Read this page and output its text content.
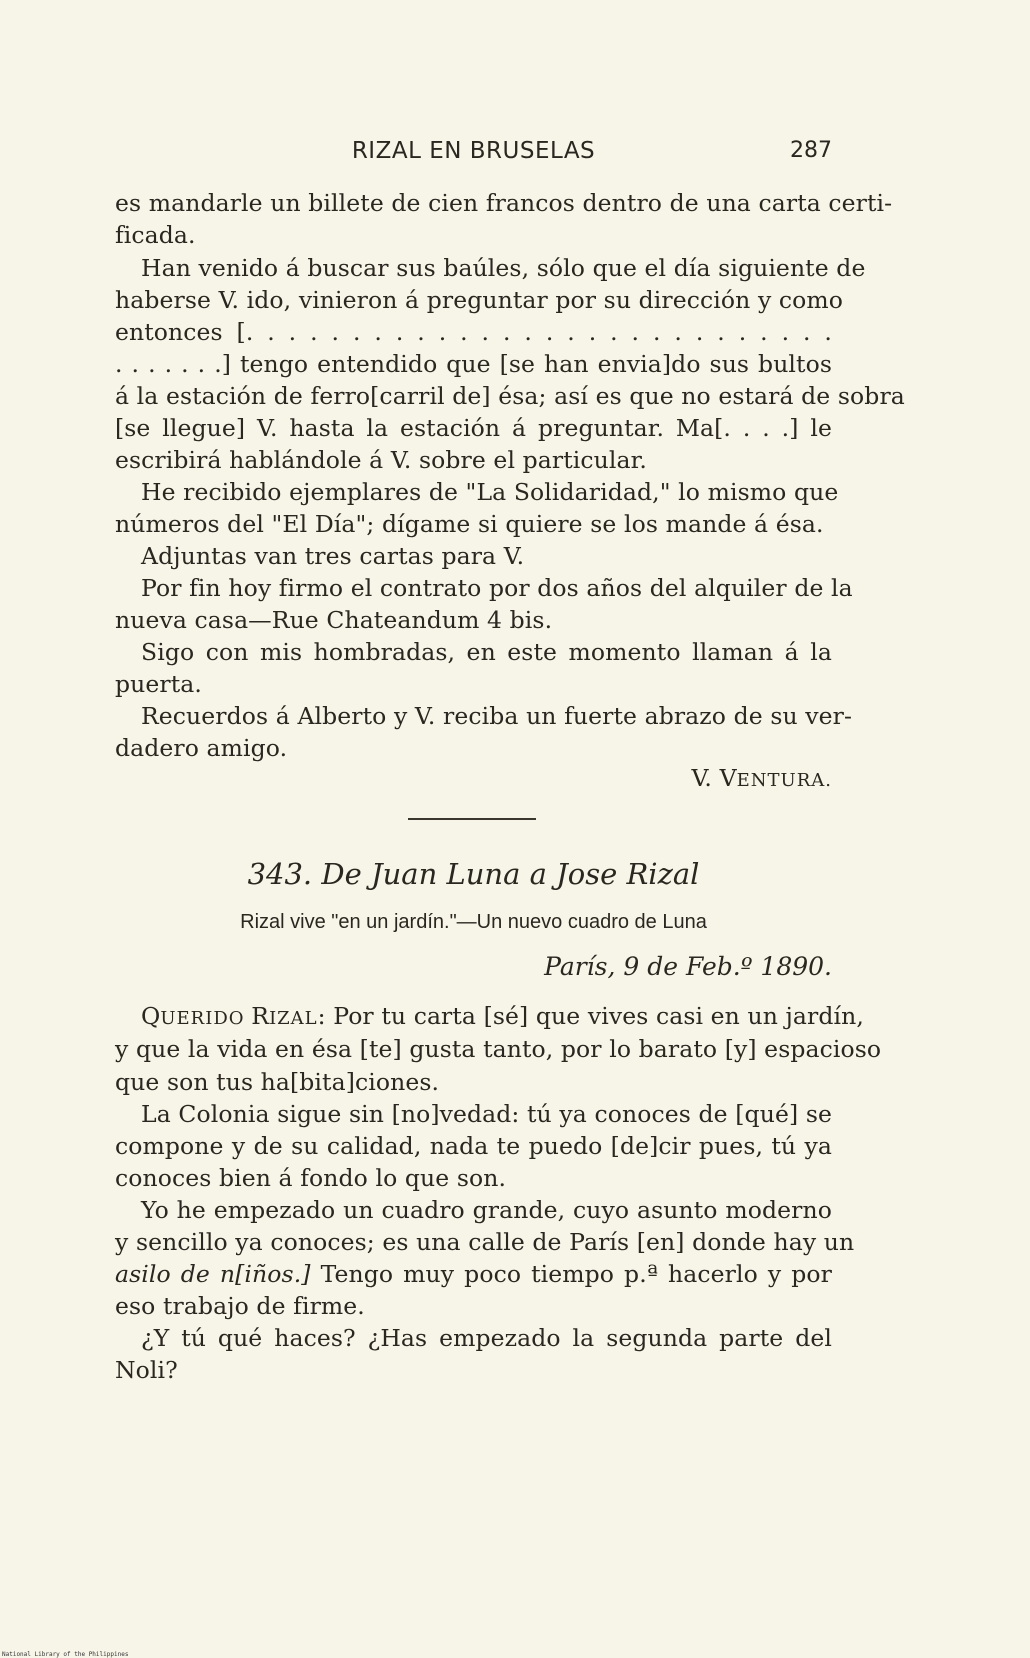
RIZAL EN BRUSELAS	287
es mandarle un billete de cien francos dentro de una carta certi-
ficada.
Han venido á buscar sus baúles, sólo que el día siguiente de
haberse V. ido, vinieron á preguntar por su dirección y como
entonces [. . . . . . . . . . . . . . . . . . . . . . . . . . . .
. . . . . . .] tengo entendido que [se han envia]do sus bultos
á la estación de ferro[carril de] ésa; así es que no estará de sobra
[se llegue] V. hasta la estación á preguntar. Ma[. . . .] le
escribirá hablándole á V. sobre el particular.
He recibido ejemplares de "La Solidaridad," lo mismo que
números del "El Día"; dígame si quiere se los mande á ésa.
Adjuntas van tres cartas para V.
Por fin hoy firmo el contrato por dos años del alquiler de la
nueva casa—Rue Chateandum 4 bis.
Sigo con mis hombradas, en este momento llaman á la
puerta.
Recuerdos á Alberto y V. reciba un fuerte abrazo de su ver-
dadero amigo.
V. VENTURA.
343. De Juan Luna a Jose Rizal
Rizal vive "en un jardín."—Un nuevo cuadro de Luna
París, 9 de Feb.º 1890.
QUERIDO RIZAL: Por tu carta [sé] que vives casi en un jardín,
y que la vida en ésa [te] gusta tanto, por lo barato [y] espacioso
que son tus ha[bita]ciones.
La Colonia sigue sin [no]vedad: tú ya conoces de [qué] se
compone y de su calidad, nada te puedo [de]cir pues, tú ya
conoces bien á fondo lo que son.
Yo he empezado un cuadro grande, cuyo asunto moderno
y sencillo ya conoces; es una calle de París [en] donde hay un
asilo de n[iños.] Tengo muy poco tiempo p.ª hacerlo y por
eso trabajo de firme.
¿Y tú qué haces? ¿Has empezado la segunda parte del
Noli?
National Library of the Philippines
